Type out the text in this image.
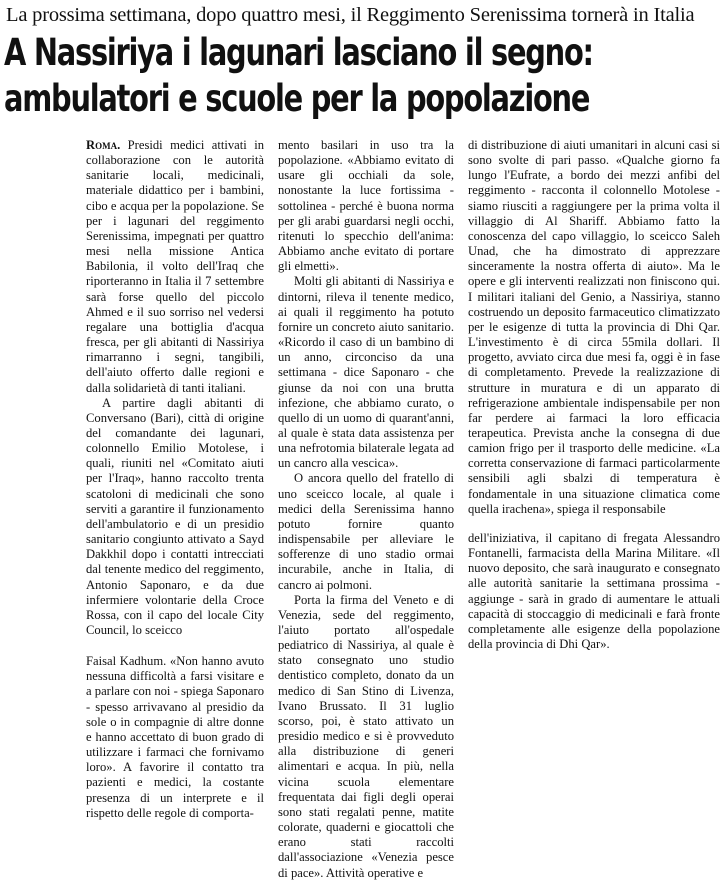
La prossima settimana, dopo quattro mesi, il Reggimento Serenissima tornerà in Italia
A Nassiriya i lagunari lasciano il segno:
ambulatori e scuole per la popolazione

Roma. Presidi medici attivati in collaborazione con le autorità sanitarie locali, medicinali, materiale didattico per i bambini, cibo e acqua per la popolazione. Se per i lagunari del reggimento Serenissima, impegnati per quattro mesi nella missione Antica Babilonia, il volto dell'Iraq che riporteranno in Italia il 7 settembre sarà forse quello del piccolo Ahmed e il suo sorriso nel vedersi regalare una bottiglia d'acqua fresca, per gli abitanti di Nassiriya rimarranno i segni, tangibili, dell'aiuto offerto dalle regioni e dalla solidarietà di tanti italiani.

A partire dagli abitanti di Conversano (Bari), città di origine del comandante dei lagunari, colonnello Emilio Motolese, i quali, riuniti nel «Comitato aiuti per l'Iraq», hanno raccolto trenta scatoloni di medicinali che sono serviti a garantire il funzionamento dell'ambulatorio e di un presidio sanitario congiunto attivato a Sayd Dakkhil dopo i contatti intrecciati dal tenente medico del reggimento, Antonio Saponaro, e da due infermiere volontarie della Croce Rossa, con il capo del locale City Council, lo sceicco

Faisal Kadhum. «Non hanno avuto nessuna difficoltà a farsi visitare e a parlare con noi - spiega Saponaro - spesso arrivavano al presidio da sole o in compagnie di altre donne e hanno accettato di buon grado di utilizzare i farmaci che fornivamo loro». A favorire il contatto tra pazienti e medici, la costante presenza di un interprete e il rispetto delle regole di comporta-

mento basilari in uso tra la popolazione. «Abbiamo evitato di usare gli occhiali da sole, nonostante la luce fortissima - sottolinea - perché è buona norma per gli arabi guardarsi negli occhi, ritenuti lo specchio dell'anima: Abbiamo anche evitato di portare gli elmetti».

Molti gli abitanti di Nassiriya e dintorni, rileva il tenente medico, ai quali il reggimento ha potuto fornire un concreto aiuto sanitario. «Ricordo il caso di un bambino di un anno, circonciso da una settimana - dice Saponaro - che giunse da noi con una brutta infezione, che abbiamo curato, o quello di un uomo di quarant'anni, al quale è stata data assistenza per una nefrotomia bilaterale legata ad un cancro alla vescica».

O ancora quello del fratello di uno sceicco locale, al quale i medici della Serenissima hanno potuto fornire quanto indispensabile per alleviare le sofferenze di uno stadio ormai incurabile, anche in Italia, di cancro ai polmoni.

Porta la firma del Veneto e di Venezia, sede del reggimento, l'aiuto portato all'ospedale pediatrico di Nassiriya, al quale è stato consegnato uno studio dentistico completo, donato da un medico di San Stino di Livenza, Ivano Brussato. Il 31 luglio scorso, poi, è stato attivato un presidio medico e si è provveduto alla distribuzione di generi alimentari e acqua. In più, nella vicina scuola elementare frequentata dai figli degli operai sono stati regalati penne, matite colorate, quaderni e giocattoli che erano stati raccolti dall'associazione «Venezia pesce di pace». Attività operative e

di distribuzione di aiuti umanitari in alcuni casi si sono svolte di pari passo. «Qualche giorno fa lungo l'Eufrate, a bordo dei mezzi anfibi del reggimento - racconta il colonnello Motolese - siamo riusciti a raggiungere per la prima volta il villaggio di Al Shariff. Abbiamo fatto la conoscenza del capo villaggio, lo sceicco Saleh Unad, che ha dimostrato di apprezzare sinceramente la nostra offerta di aiuto». Ma le opere e gli interventi realizzati non finiscono qui. I militari italiani del Genio, a Nassiriya, stanno costruendo un deposito farmaceutico climatizzato per le esigenze di tutta la provincia di Dhi Qar. L'investimento è di circa 55mila dollari. Il progetto, avviato circa due mesi fa, oggi è in fase di completamento. Prevede la realizzazione di strutture in muratura e di un apparato di refrigerazione ambientale indispensabile per non far perdere ai farmaci la loro efficacia terapeutica. Prevista anche la consegna di due camion frigo per il trasporto delle medicine. «La corretta conservazione di farmaci particolarmente sensibili agli sbalzi di temperatura è fondamentale in una situazione climatica come quella irachena», spiega il responsabile

dell'iniziativa, il capitano di fregata Alessandro Fontanelli, farmacista della Marina Militare. «Il nuovo deposito, che sarà inaugurato e consegnato alle autorità sanitarie la settimana prossima - aggiunge - sarà in grado di aumentare le attuali capacità di stoccaggio di medicinali e farà fronte completamente alle esigenze della popolazione della provincia di Dhi Qar».
